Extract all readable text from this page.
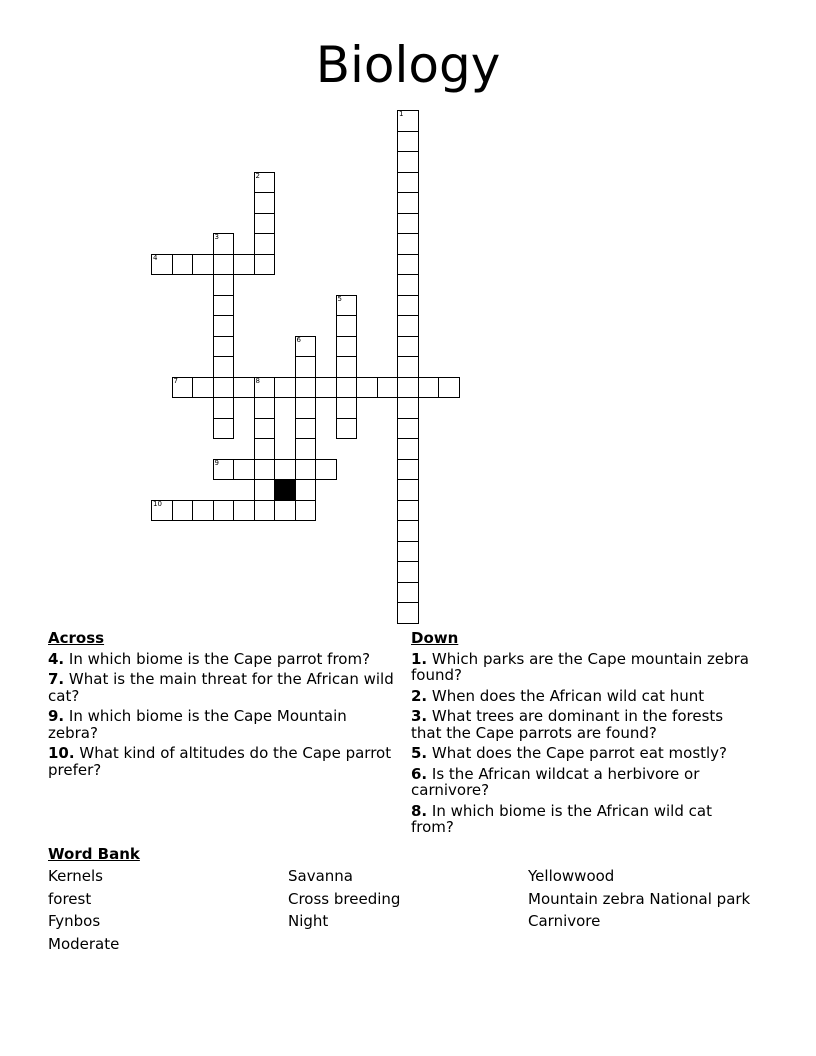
Biology
1
2
3
4
5
6
7	8
9
10
Across
4. In which biome is the Cape parrot from?
7. What is the main threat for the African wild cat?
9. In which biome is the Cape Mountain zebra?
10. What kind of altitudes do the Cape parrot prefer?
Down
1. Which parks are the Cape mountain zebra found?
2. When does the African wild cat hunt
3. What trees are dominant in the forests that the Cape parrots are found?
5. What does the Cape parrot eat mostly?
6. Is the African wildcat a herbivore or carnivore?
8. In which biome is the African wild cat from?
Word Bank
Kernels
forest
Fynbos
Moderate
Savanna
Cross breeding
Night
Yellowwood
Mountain zebra National park
Carnivore
